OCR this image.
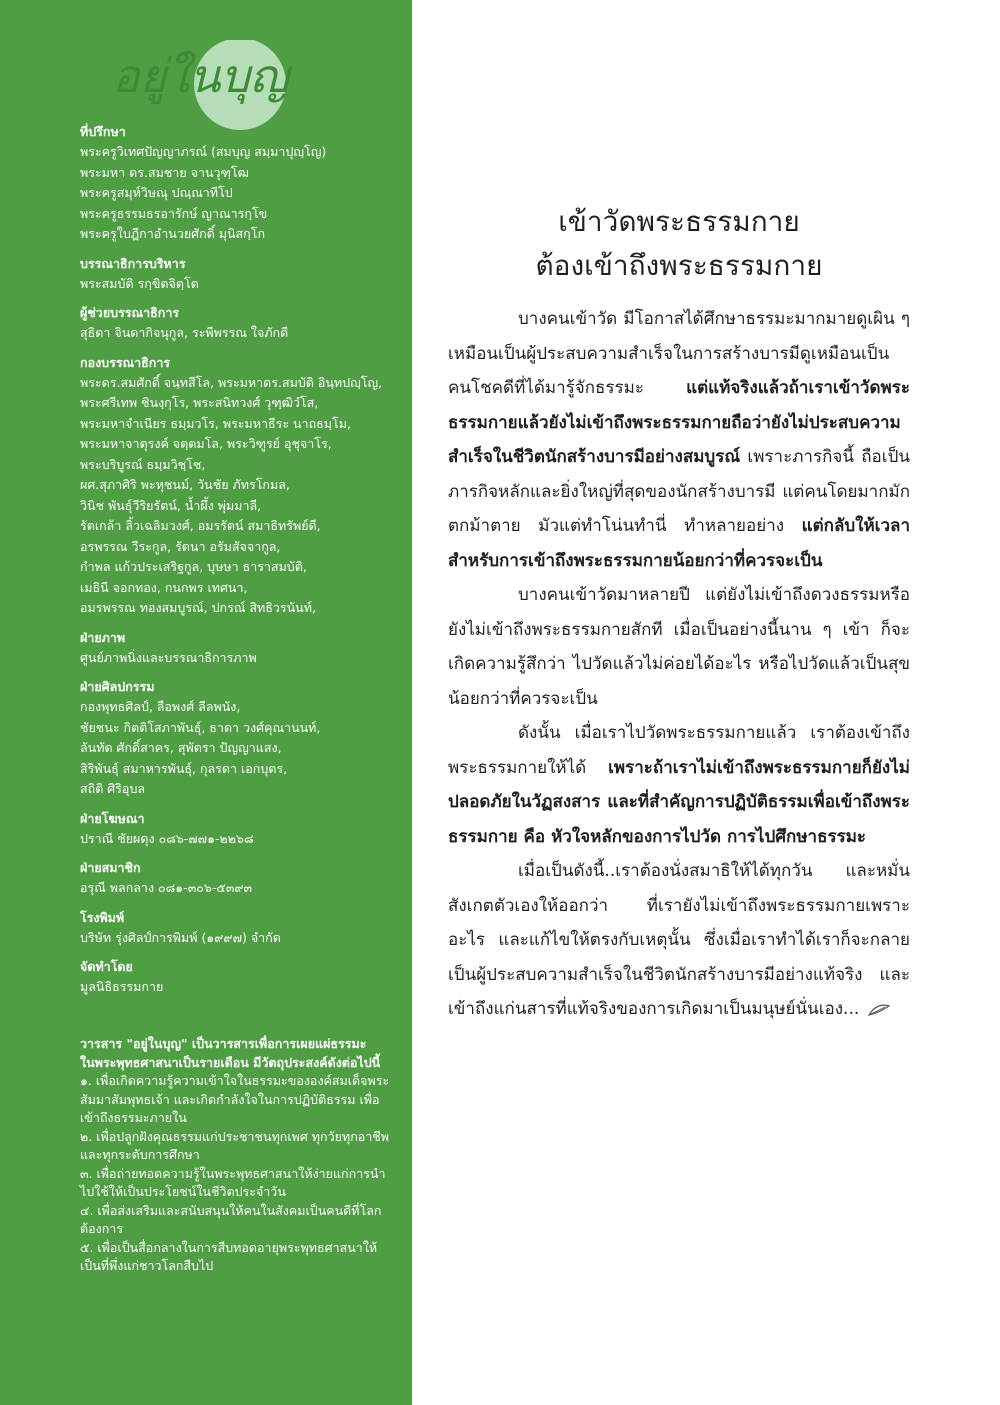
อยู่ในบุญ
ที่ปรึกษา
พระครูวิเทศปัญญาภรณ์ (สมบุญ สมฺมาปุญฺโญ)
พระมหา ดร.สมชาย จานวุฑฺโฒ
พระครูสมุห์วิษณุ ปณฺณาทีโป
พระครูธรรมธรอารักษ์ ญาณารกฺโข
พระครูใบฎีกาอำนวยศักดิ์ มุนิสกฺโก
บรรณาธิการบริหาร
พระสมบัติ รกฺขิตจิตฺโต
ผู้ช่วยบรรณาธิการ
สุธิดา จินดากิจนุกูล, ระพีพรรณ ใจภักดี
กองบรรณาธิการ
พระดร.สมศักดิ์ จนฺทสีโล, พระมหาดร.สมบัติ อินฺทปญฺโญ,
พระศรีเทพ ชินงฺกุโร, พระสนิทวงศ์ วุฑฺฒิวํโส,
พระมหาจำเนียร ธมฺมวโร, พระมหาธีระ นาถธมฺโม,
พระมหาจาตุรงค์ จตฺตมโล, พระวิฑูรย์ อุชุจาโร,
พระบริบูรณ์ ธมฺมวิชฺโช,
ผศ.สุภาศิริ พะหุชนม์, วันชัย ภัทรโกมล,
วินิช พันธุ์วีริยรัตน์, น้ำผึ้ง พุ่มมาลี,
รัตเกล้า ลิ้วเฉลิมวงศ์, อมรรัตน์ สมาธิทรัพย์ดี,
อรพรรณ วีระกูล, รัตนา อรัมสัจจากูล,
กำพล แก้วประเสริฐกูล, บุษษา ธาราสมบัติ,
เมธินี จอกทอง, กนกพร เทศนา,
อมรพรรณ ทองสมบูรณ์, ปกรณ์ สิทธิวรนันท์,
ฝ่ายภาพ
ศูนย์ภาพนิ่งและบรรณาธิการภาพ
ฝ่ายศิลปกรรม
กองพุทธศิลป์, ลือพงศ์ ลีลพนัง,
ชัยชนะ กิตติโสภาพันธุ์, ธาดา วงศ์คุณานนท์,
ลันทัด ศักดิ์สาคร, สุพัตรา ปัญญาแสง,
สิริพันธุ์ สมาหารพันธุ์, กุลรดา เอกบุตร,
สถิติ ศิริอุบล
ฝ่ายโฆษณา
ปราณี ชัยผดุง ๐๘๖-๗๗๑-๒๒๖๘
ฝ่ายสมาชิก
อรุณี พลกลาง ๐๘๑-๓๐๖-๕๓๙๓
โรงพิมพ์
บริษัท รุ่งศิลป์การพิมพ์ (๑๙๙๗) จำกัด
จัดทำโดย
มูลนิธิธรรมกาย
วารสาร "อยู่ในบุญ" เป็นวารสารเพื่อการเผยแผ่ธรรมะ
ในพระพุทธศาสนาเป็นรายเดือน มีวัตถุประสงค์ดังต่อไปนี้
๑. เพื่อเกิดความรู้ความเข้าใจในธรรมะขององค์สมเด็จพระสัมมาสัมพุทธเจ้า และเกิดกำลังใจในการปฏิบัติธรรม เพื่อเข้าถึงธรรมะภายใน
๒. เพื่อปลูกฝังคุณธรรมแก่ประชาชนทุกเพศ ทุกวัยทุกอาชีพและทุกระดับการศึกษา
๓. เพื่อถ่ายทอดความรู้ในพระพุทธศาสนาให้ง่ายแก่การนำไปใช้ให้เป็นประโยชน์ในชีวิตประจำวัน
๔. เพื่อส่งเสริมและสนับสนุนให้คนในสังคมเป็นคนดีที่โลกต้องการ
๕. เพื่อเป็นสื่อกลางในการสืบทอดอายุพระพุทธศาสนาให้เป็นที่พึ่งแก่ชาวโลกสืบไป
เข้าวัดพระธรรมกาย
ต้องเข้าถึงพระธรรมกาย

บางคนเข้าวัด มีโอกาสได้ศึกษาธรรมะมากมายดูเผิน ๆ เหมือนเป็นผู้ประสบความสำเร็จในการสร้างบารมีดูเหมือนเป็นคนโชคดีที่ได้มารู้จักธรรมะ แต่แท้จริงแล้วถ้าเราเข้าวัดพระธรรมกายแล้วยังไม่เข้าถึงพระธรรมกายถือว่ายังไม่ประสบความสำเร็จในชีวิตนักสร้างบารมีอย่างสมบูรณ์ เพราะภารกิจนี้ ถือเป็นภารกิจหลักและยิ่งใหญ่ที่สุดของนักสร้างบารมี แต่คนโดยมากมักตกม้าตาย มัวแต่ทำโน่นทำนี่ ทำหลายอย่าง แต่กลับให้เวลาสำหรับการเข้าถึงพระธรรมกายน้อยกว่าที่ควรจะเป็น

บางคนเข้าวัดมาหลายปี แต่ยังไม่เข้าถึงดวงธรรมหรือยังไม่เข้าถึงพระธรรมกายสักที เมื่อเป็นอย่างนี้นาน ๆ เข้า ก็จะเกิดความรู้สึกว่า ไปวัดแล้วไม่ค่อยได้อะไร หรือไปวัดแล้วเป็นสุขน้อยกว่าที่ควรจะเป็น

ดังนั้น เมื่อเราไปวัดพระธรรมกายแล้ว เราต้องเข้าถึงพระธรรมกายให้ได้ เพราะถ้าเราไม่เข้าถึงพระธรรมกายก็ยังไม่ปลอดภัยในวัฏสงสาร และที่สำคัญการปฏิบัติธรรมเพื่อเข้าถึงพระธรรมกาย คือ หัวใจหลักของการไปวัด การไปศึกษาธรรมะ

เมื่อเป็นดังนี้..เราต้องนั่งสมาธิให้ได้ทุกวัน และหมั่นสังเกตตัวเองให้ออกว่า ที่เรายังไม่เข้าถึงพระธรรมกายเพราะอะไร และแก้ไขให้ตรงกับเหตุนั้น ซึ่งเมื่อเราทำได้เราก็จะกลายเป็นผู้ประสบความสำเร็จในชีวิตนักสร้างบารมีอย่างแท้จริง และเข้าถึงแก่นสารที่แท้จริงของการเกิดมาเป็นมนุษย์นั่นเอง...
